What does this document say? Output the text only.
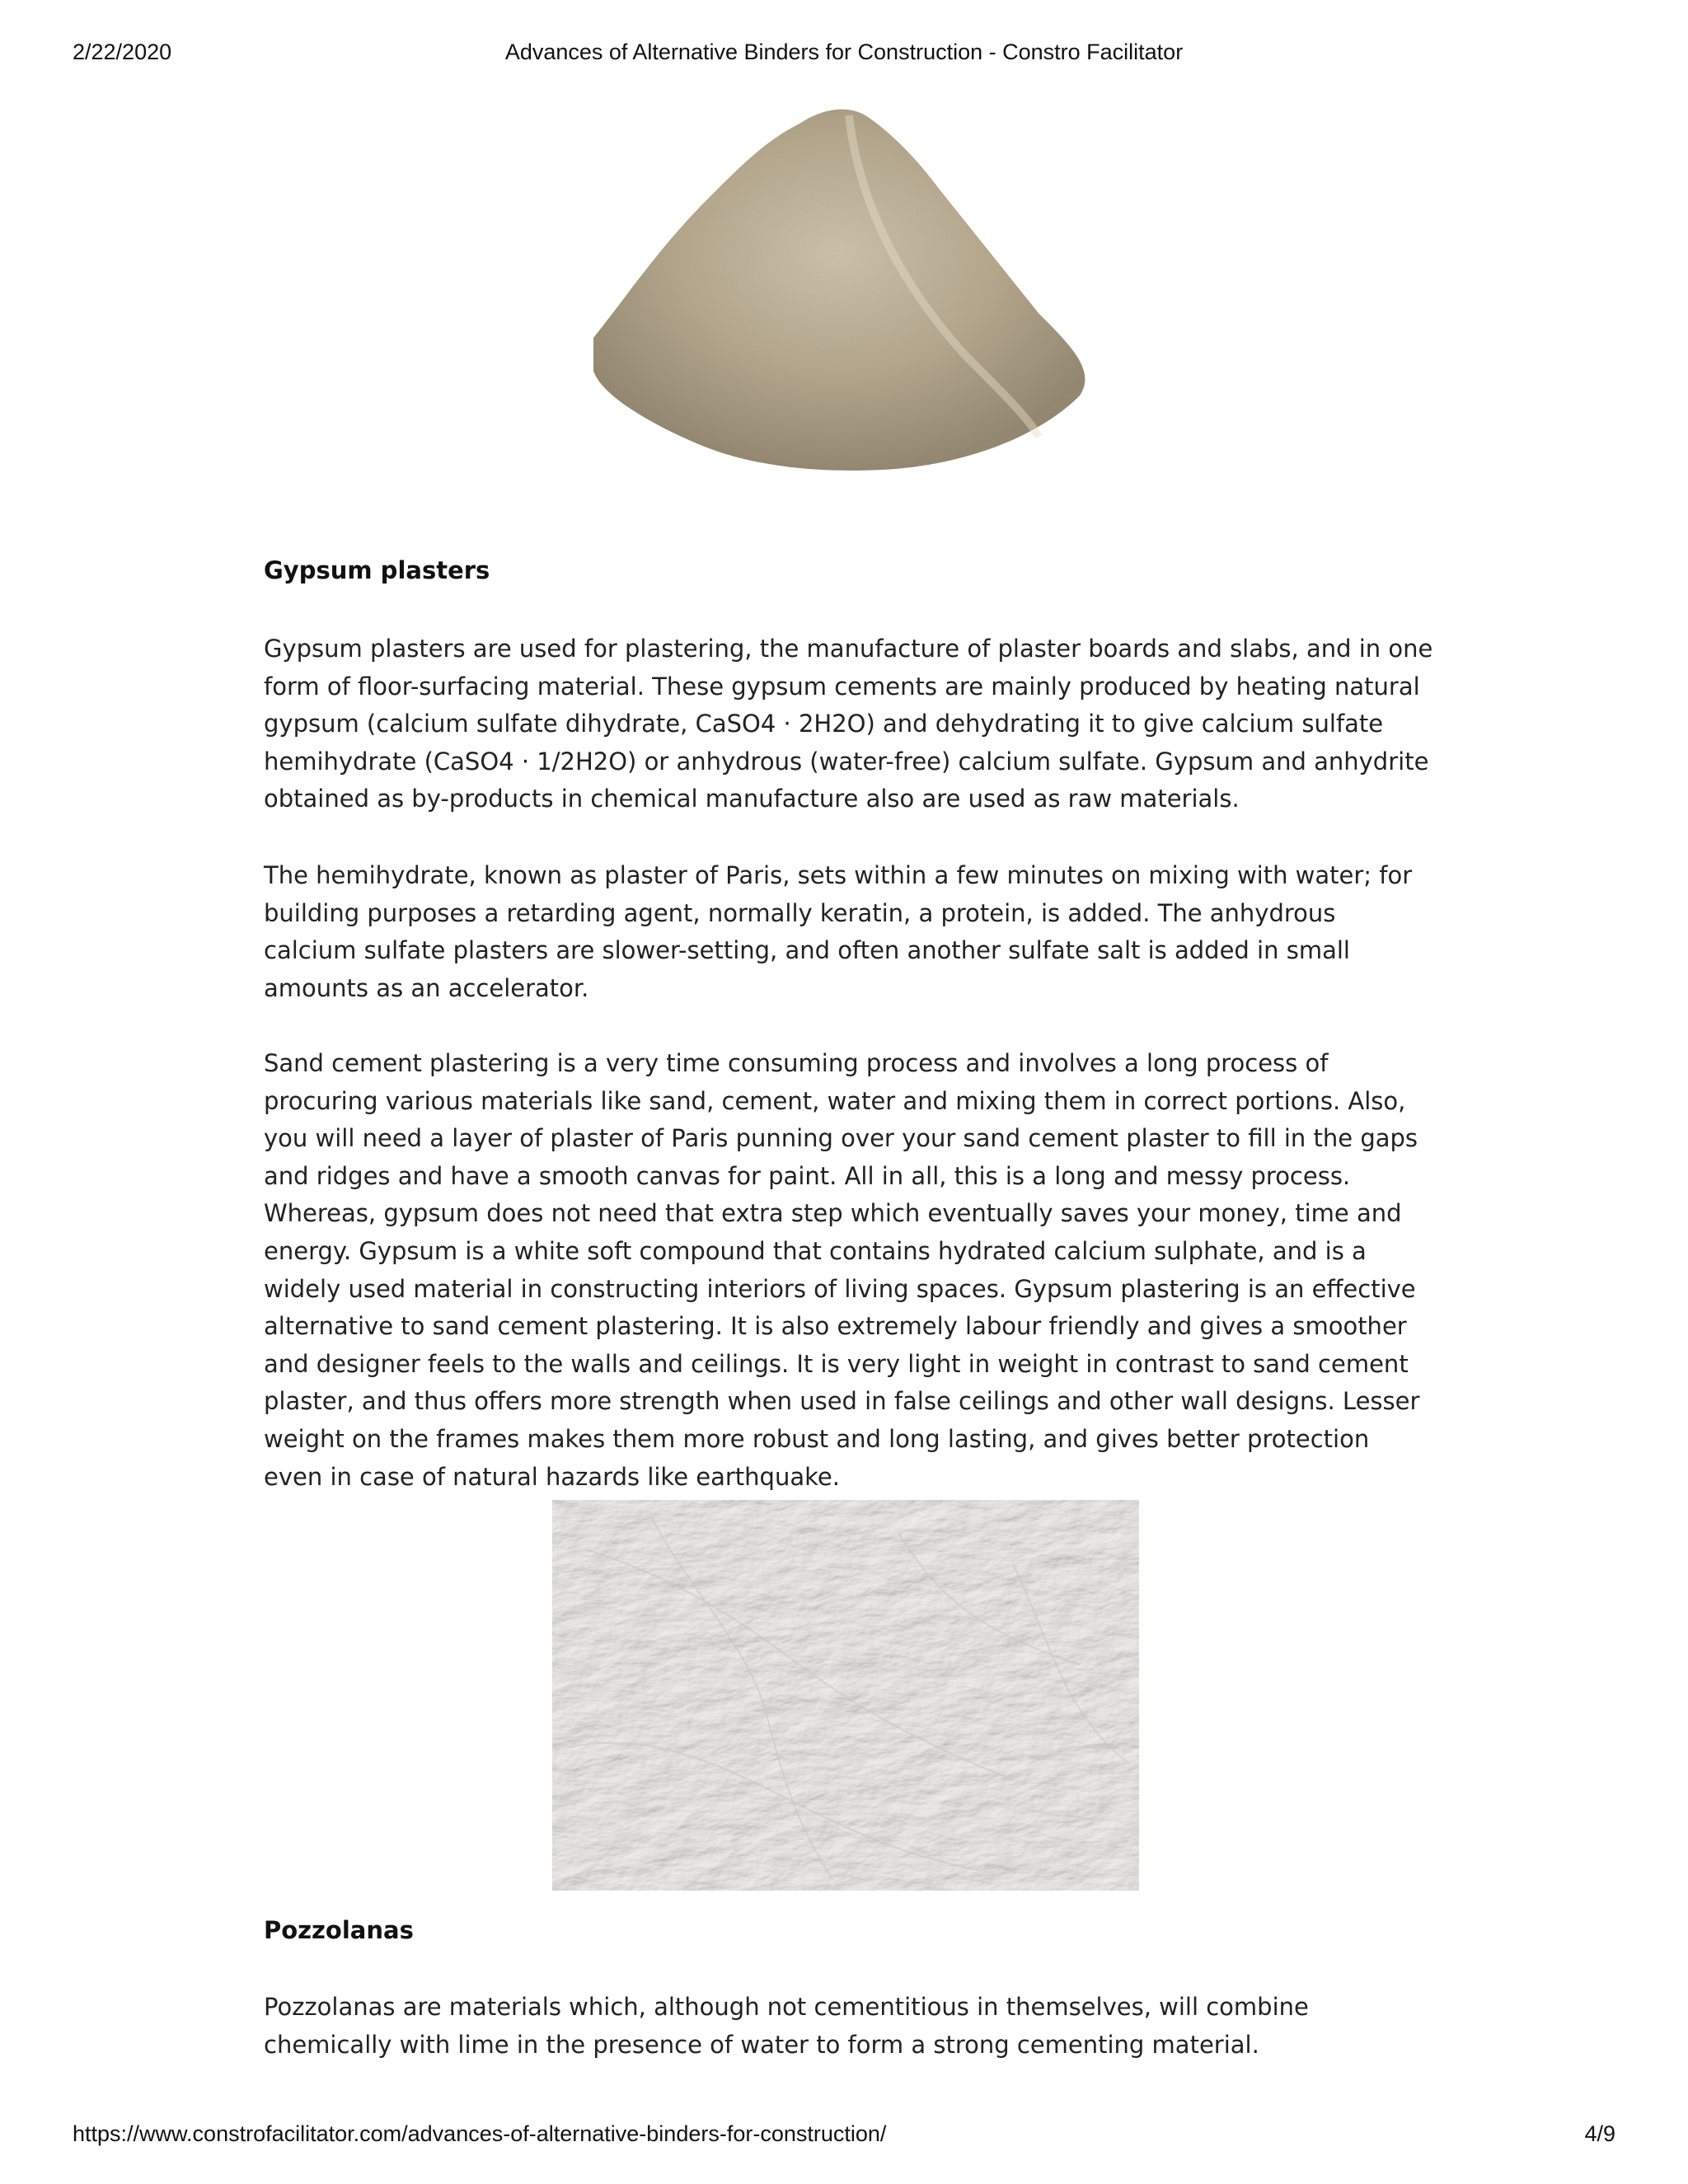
2/22/2020	Advances of Alternative Binders for Construction - Constro Facilitator
Gypsum plasters

Gypsum plasters are used for plastering, the manufacture of plaster boards and slabs, and in one form of floor-surfacing material. These gypsum cements are mainly produced by heating natural gypsum (calcium sulfate dihydrate, CaSO4 · 2H2O) and dehydrating it to give calcium sulfate hemihydrate (CaSO4 · 1/2H2O) or anhydrous (water-free) calcium sulfate. Gypsum and anhydrite obtained as by-products in chemical manufacture also are used as raw materials.

The hemihydrate, known as plaster of Paris, sets within a few minutes on mixing with water; for building purposes a retarding agent, normally keratin, a protein, is added. The anhydrous calcium sulfate plasters are slower-setting, and often another sulfate salt is added in small amounts as an accelerator.

Sand cement plastering is a very time consuming process and involves a long process of procuring various materials like sand, cement, water and mixing them in correct portions. Also, you will need a layer of plaster of Paris punning over your sand cement plaster to fill in the gaps and ridges and have a smooth canvas for paint. All in all, this is a long and messy process. Whereas, gypsum does not need that extra step which eventually saves your money, time and energy. Gypsum is a white soft compound that contains hydrated calcium sulphate, and is a widely used material in constructing interiors of living spaces. Gypsum plastering is an effective alternative to sand cement plastering. It is also extremely labour friendly and gives a smoother and designer feels to the walls and ceilings. It is very light in weight in contrast to sand cement plaster, and thus offers more strength when used in false ceilings and other wall designs. Lesser weight on the frames makes them more robust and long lasting, and gives better protection even in case of natural hazards like earthquake.

Pozzolanas

Pozzolanas are materials which, although not cementitious in themselves, will combine chemically with lime in the presence of water to form a strong cementing material.

https://www.constrofacilitator.com/advances-of-alternative-binders-for-construction/	4/9
